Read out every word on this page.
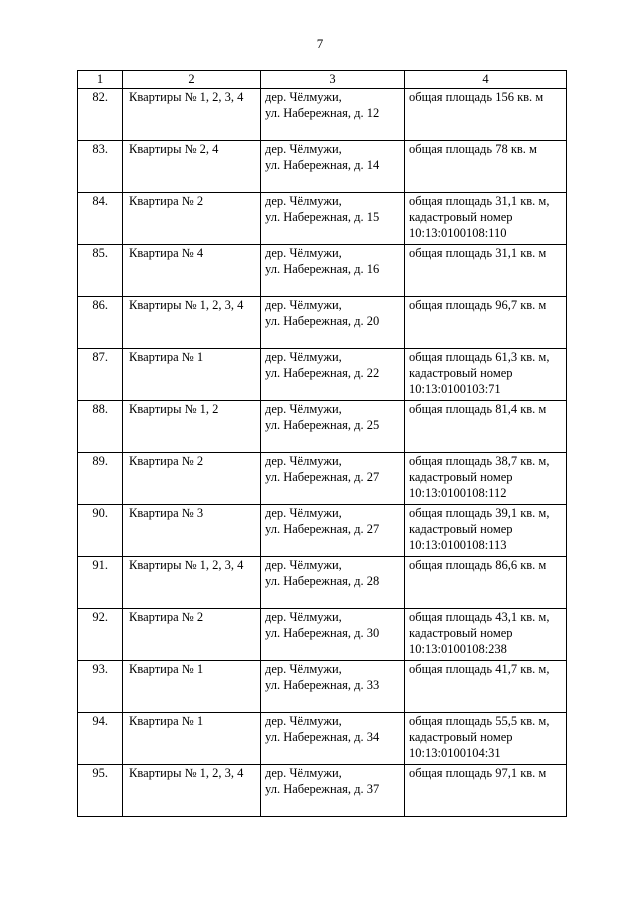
7
1	2	3	4
82.	Квартиры № 1, 2, 3, 4	дер. Чёлмужи,
ул. Набережная, д. 12	общая площадь 156 кв. м

83.	Квартиры № 2, 4	дер. Чёлмужи,
ул. Набережная, д. 14	общая площадь 78 кв. м

84.	Квартира № 2	дер. Чёлмужи,
ул. Набережная, д. 15	общая площадь 31,1 кв. м,
кадастровый номер
10:13:0100108:110

85.	Квартира № 4	дер. Чёлмужи,
ул. Набережная, д. 16	общая площадь 31,1 кв. м

86.	Квартиры № 1, 2, 3, 4	дер. Чёлмужи,
ул. Набережная, д. 20	общая площадь 96,7 кв. м

87.	Квартира № 1	дер. Чёлмужи,
ул. Набережная, д. 22	общая площадь 61,3 кв. м,
кадастровый номер
10:13:0100103:71

88.	Квартиры № 1, 2	дер. Чёлмужи,
ул. Набережная, д. 25	общая площадь 81,4 кв. м

89.	Квартира № 2	дер. Чёлмужи,
ул. Набережная, д. 27	общая площадь 38,7 кв. м,
кадастровый номер
10:13:0100108:112

90.	Квартира № 3	дер. Чёлмужи,
ул. Набережная, д. 27	общая площадь 39,1 кв. м,
кадастровый номер
10:13:0100108:113

91.	Квартиры № 1, 2, 3, 4	дер. Чёлмужи,
ул. Набережная, д. 28	общая площадь 86,6 кв. м

92.	Квартира № 2	дер. Чёлмужи,
ул. Набережная, д. 30	общая площадь 43,1 кв. м,
кадастровый номер
10:13:0100108:238

93.	Квартира № 1	дер. Чёлмужи,
ул. Набережная, д. 33	общая площадь 41,7 кв. м,

94.	Квартира № 1	дер. Чёлмужи,
ул. Набережная, д. 34	общая площадь 55,5 кв. м,
кадастровый номер
10:13:0100104:31

95.	Квартиры № 1, 2, 3, 4	дер. Чёлмужи,
ул. Набережная, д. 37	общая площадь 97,1 кв. м
